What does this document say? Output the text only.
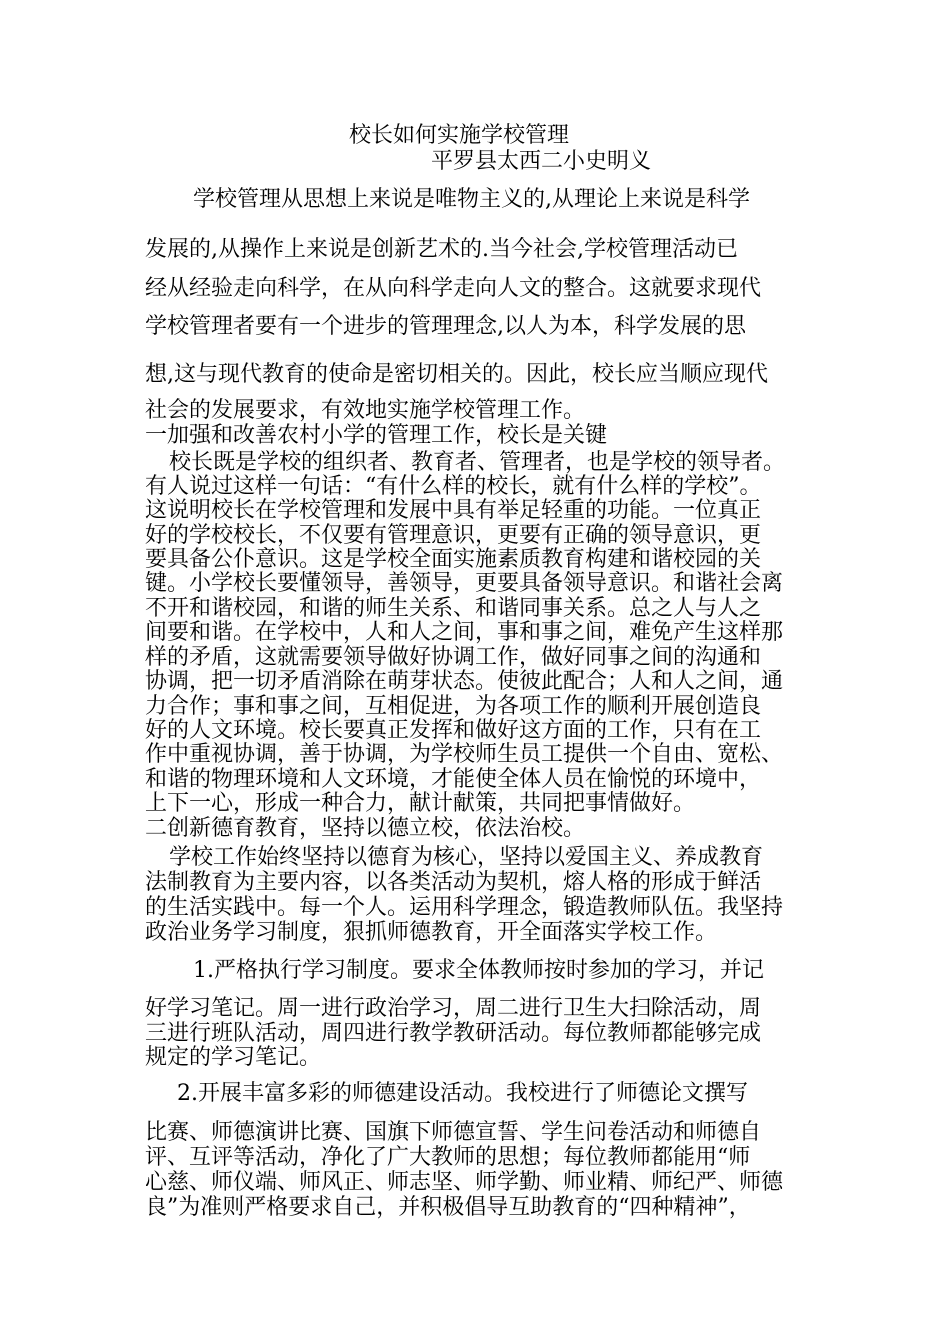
校长如何实施学校管理
平罗县太西二小史明义
学校管理从思想上来说是唯物主义的,从理论上来说是科学
发展的,从操作上来说是创新艺术的.当今社会,学校管理活动已
经从经验走向科学，在从向科学走向人文的整合。这就要求现代
学校管理者要有一个进步的管理理念,以人为本，科学发展的思
想,这与现代教育的使命是密切相关的。因此，校长应当顺应现代
社会的发展要求，有效地实施学校管理工作。
一加强和改善农村小学的管理工作，校长是关键
校长既是学校的组织者、教育者、管理者，也是学校的领导者。
有人说过这样一句话：“有什么样的校长，就有什么样的学校”。
这说明校长在学校管理和发展中具有举足轻重的功能。一位真正
好的学校校长，不仅要有管理意识，更要有正确的领导意识，更
要具备公仆意识。这是学校全面实施素质教育构建和谐校园的关
键。小学校长要懂领导，善领导，更要具备领导意识。和谐社会离
不开和谐校园，和谐的师生关系、和谐同事关系。总之人与人之
间要和谐。在学校中，人和人之间，事和事之间，难免产生这样那
样的矛盾，这就需要领导做好协调工作，做好同事之间的沟通和
协调，把一切矛盾消除在萌芽状态。使彼此配合；人和人之间，通
力合作；事和事之间，互相促进，为各项工作的顺利开展创造良
好的人文环境。校长要真正发挥和做好这方面的工作，只有在工
作中重视协调，善于协调，为学校师生员工提供一个自由、宽松、
和谐的物理环境和人文环境，才能使全体人员在愉悦的环境中，
上下一心，形成一种合力，献计献策，共同把事情做好。
二创新德育教育，坚持以德立校，依法治校。
学校工作始终坚持以德育为核心，坚持以爱国主义、养成教育
法制教育为主要内容，以各类活动为契机，熔人格的形成于鲜活
的生活实践中。每一个人。运用科学理念，锻造教师队伍。我坚持
政治业务学习制度，狠抓师德教育，开全面落实学校工作。
1.严格执行学习制度。要求全体教师按时参加的学习，并记
好学习笔记。周一进行政治学习，周二进行卫生大扫除活动，周
三进行班队活动，周四进行教学教研活动。每位教师都能够完成
规定的学习笔记。
2.开展丰富多彩的师德建设活动。我校进行了师德论文撰写
比赛、师德演讲比赛、国旗下师德宣誓、学生问卷活动和师德自
评、互评等活动，净化了广大教师的思想；每位教师都能用“师
心慈、师仪端、师风正、师志坚、师学勤、师业精、师纪严、师德
良”为准则严格要求自己，并积极倡导互助教育的“四种精神”，
